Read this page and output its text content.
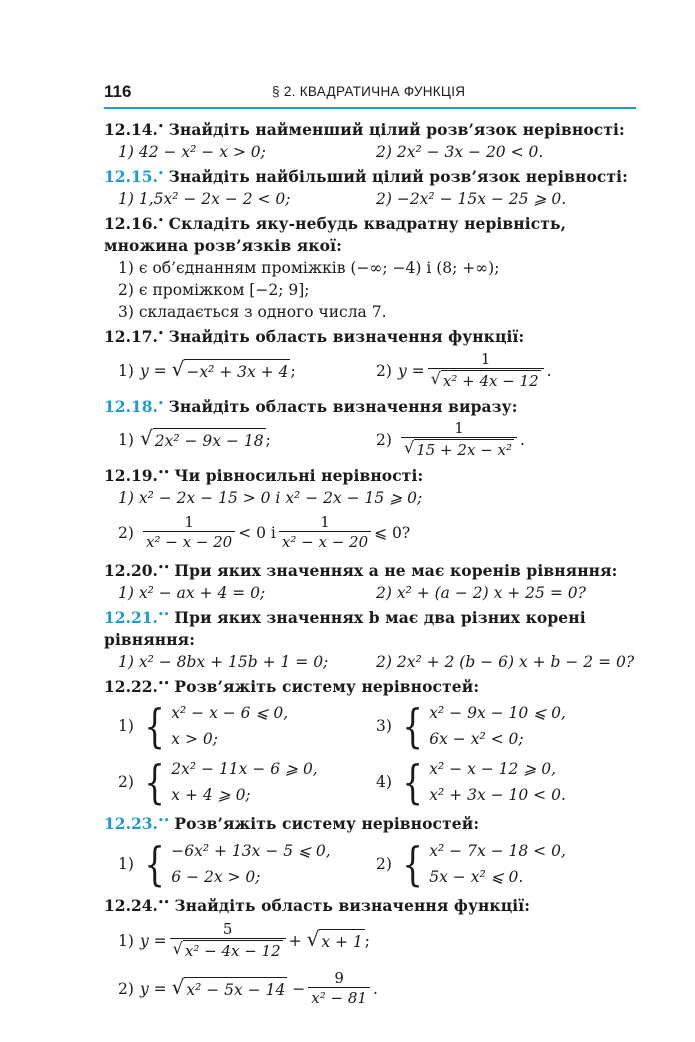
116	§ 2. КВАДРАТИЧНА ФУНКЦІЯ
12.14.• Знайдіть найменший цілий розв’язок нерівності:
1) 42 − x² − x > 0;	2) 2x² − 3x − 20 < 0.
12.15.• Знайдіть найбільший цілий розв’язок нерівності:
1) 1,5x² − 2x − 2 < 0;	2) −2x² − 15x − 25 ⩾ 0.
12.16.• Складіть яку-небудь квадратну нерівність, множина розв’язків якої:
1) є об’єднанням проміжків (−∞; −4) і (8; +∞);
2) є проміжком [−2; 9];
3) складається з одного числа 7.
12.17.• Знайдіть область визначення функції:
1) y =
√ −x² + 3x + 4 ;	2) $y = \frac{1}{\text{√ x² + 4x − 12}}$ .
12.18.• Знайдіть область визначення виразу:
1) √ 2x² − 9x − 18 ;	$2) \frac{1}{\text{√ 15 + 2x − x²}}$ .
12.19.•• Чи рівносильні нерівності:
1) x² − 2x − 15 > 0 і x² − 2x − 15 ⩾ 0;
$2) \frac{1}{\text{x² − x − 20}} < 0$ і $\frac{1}{\text{x² − x − 20}}$ ⩽ 0?
12.20.•• При яких значеннях a не має коренів рівняння:
1) x² − ax + 4 = 0;	2) x² + (a − 2) x + 25 = 0?
12.21.•• При яких значеннях b має два різних корені рівняння:
1) x² − 8bx + 15b + 1 = 0;	2) 2x² + 2 (b − 6) x + b − 2 = 0?
12.22.•• Розв’яжіть систему нерівностей:
1) { x² − x − 6 ⩽ 0,
x > 0;
3) { x² − 9x − 10 ⩽ 0,
6x − x² < 0;
2) { 2x² − 11x − 6 ⩾ 0,
x + 4 ⩾ 0;
4) { x² − x − 12 ⩾ 0,
x² + 3x − 10 < 0.
12.23.•• Розв’яжіть систему нерівностей:
1) { −6x² + 13x − 5 ⩽ 0,
6 − 2x > 0;
2) { x² − 7x − 18 < 0,
5x − x² ⩽ 0.
12.24.•• Знайдіть область визначення функції:
1) $y = \frac{5}{\text{√ x² − 4x − 12}}$ +
√ x + 1 ;
2) y =
√ x² − 5x − 14
− $\frac{9}{\text{x² − 81}}$ .
